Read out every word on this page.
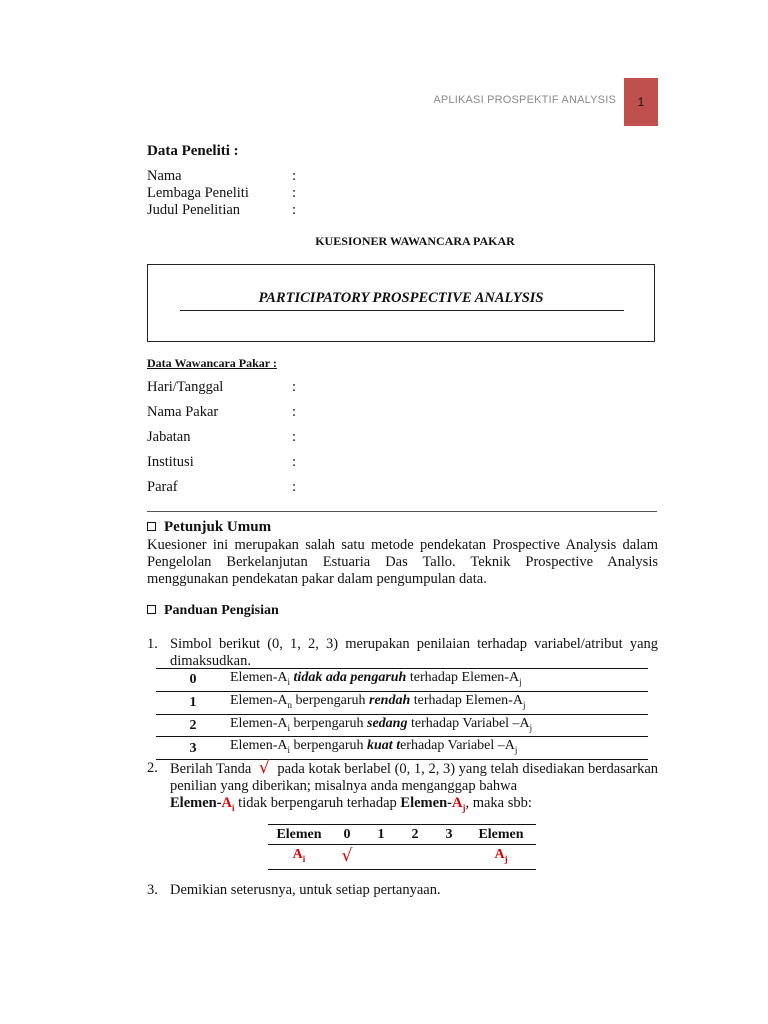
APLIKASI PROSPEKTIF ANALYSIS	1
Data Peneliti :
Nama	:
Lembaga Peneliti	:
Judul Penelitian	:
KUESIONER WAWANCARA PAKAR
PARTICIPATORY PROSPECTIVE ANALYSIS
Data Wawancara Pakar :
Hari/Tanggal	:
Nama Pakar	:
Jabatan	:
Institusi	:
Paraf	:
Petunjuk Umum
Kuesioner ini merupakan salah satu metode pendekatan Prospective Analysis dalam Pengelolan Berkelanjutan Estuaria Das Tallo. Teknik Prospective Analysis menggunakan pendekatan pakar dalam pengumpulan data.
Panduan Pengisian
1. Simbol berikut (0, 1, 2, 3) merupakan penilaian terhadap variabel/atribut yang dimaksudkan.
0	Elemen-$A_i$ tidak ada pengaruh terhadap Elemen-$A_j$
1	Elemen-$A_n$ berpengaruh rendah terhadap Elemen-$A_j$
2	Elemen-$A_i$ berpengaruh sedang terhadap Variabel $-A_j$
3	Elemen-$A_i$ berpengaruh kuat terhadap Variabel $-A_j$
2. Berilah Tanda √ pada kotak berlabel (0, 1, 2, 3) yang telah disediakan berdasarkan penilian yang diberikan; misalnya anda menganggap bahwa
Elemen-$A_i$ tidak berpengaruh terhadap Elemen-$A_j$, maka sbb:
Elemen	0	1	2	3	Elemen
$A_i$	√				$A_j$
3. Demikian seterusnya, untuk setiap pertanyaan.
